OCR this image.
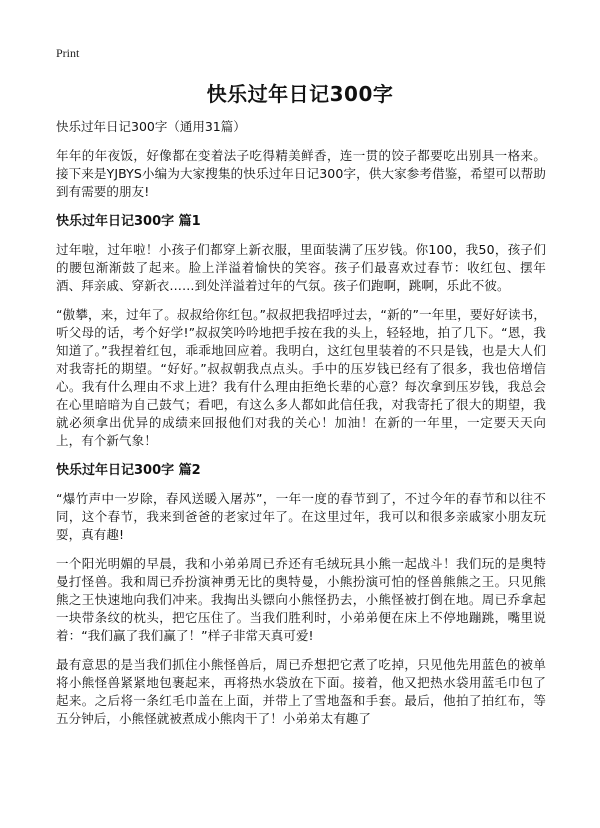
Print
快乐过年日记300字

快乐过年日记300字（通用31篇）

年年的年夜饭，好像都在变着法子吃得精美鲜香，连一贯的饺子都要吃出别具一格来。接下来是YJBYS小编为大家搜集的快乐过年日记300字，供大家参考借鉴，希望可以帮助到有需要的朋友!

快乐过年日记300字 篇1

过年啦，过年啦！小孩子们都穿上新衣服，里面装满了压岁钱。你100，我50，孩子们的腰包渐渐鼓了起来。脸上洋溢着愉快的笑容。孩子们最喜欢过春节：收红包、摆年酒、拜亲戚、穿新衣……到处洋溢着过年的气氛。孩子们跑啊，跳啊，乐此不彼。

“傲攀，来，过年了。叔叔给你红包。”叔叔把我招呼过去，“新的”一年里，要好好读书，听父母的话，考个好学!”叔叔笑吟吟地把手按在我的头上，轻轻地，拍了几下。“恩，我知道了。”我捏着红包，乖乖地回应着。我明白，这红包里装着的不只是钱，也是大人们对我寄托的期望。“好好。”叔叔朝我点点头。手中的压岁钱已经有了很多，我也倍增信心。我有什么理由不求上进？我有什么理由拒绝长辈的心意？每次拿到压岁钱，我总会在心里暗暗为自己鼓气；看吧，有这么多人都如此信任我，对我寄托了很大的期望，我就必须拿出优异的成绩来回报他们对我的关心！加油！在新的一年里，一定要天天向上，有个新气象！

快乐过年日记300字 篇2

“爆竹声中一岁除，春风送暖入屠苏”，一年一度的春节到了，不过今年的春节和以往不同，这个春节，我来到爸爸的老家过年了。在这里过年，我可以和很多亲戚家小朋友玩耍，真有趣!

一个阳光明媚的早晨，我和小弟弟周已乔还有毛绒玩具小熊一起战斗！我们玩的是奥特曼打怪兽。我和周已乔扮演神勇无比的奥特曼，小熊扮演可怕的怪兽熊熊之王。只见熊熊之王快速地向我们冲来。我掏出头镖向小熊怪扔去，小熊怪被打倒在地。周已乔拿起一块带条纹的枕头，把它压住了。当我们胜利时，小弟弟便在床上不停地蹦跳，嘴里说着：“我们赢了我们赢了！”样子非常天真可爱!

最有意思的是当我们抓住小熊怪兽后，周已乔想把它煮了吃掉，只见他先用蓝色的被单将小熊怪兽紧紧地包裹起来，再将热水袋放在下面。接着，他又把热水袋用蓝毛巾包了起来。之后将一条红毛巾盖在上面，并带上了雪地盔和手套。最后，他拍了拍红布，等五分钟后，小熊怪就被煮成小熊肉干了！小弟弟太有趣了
